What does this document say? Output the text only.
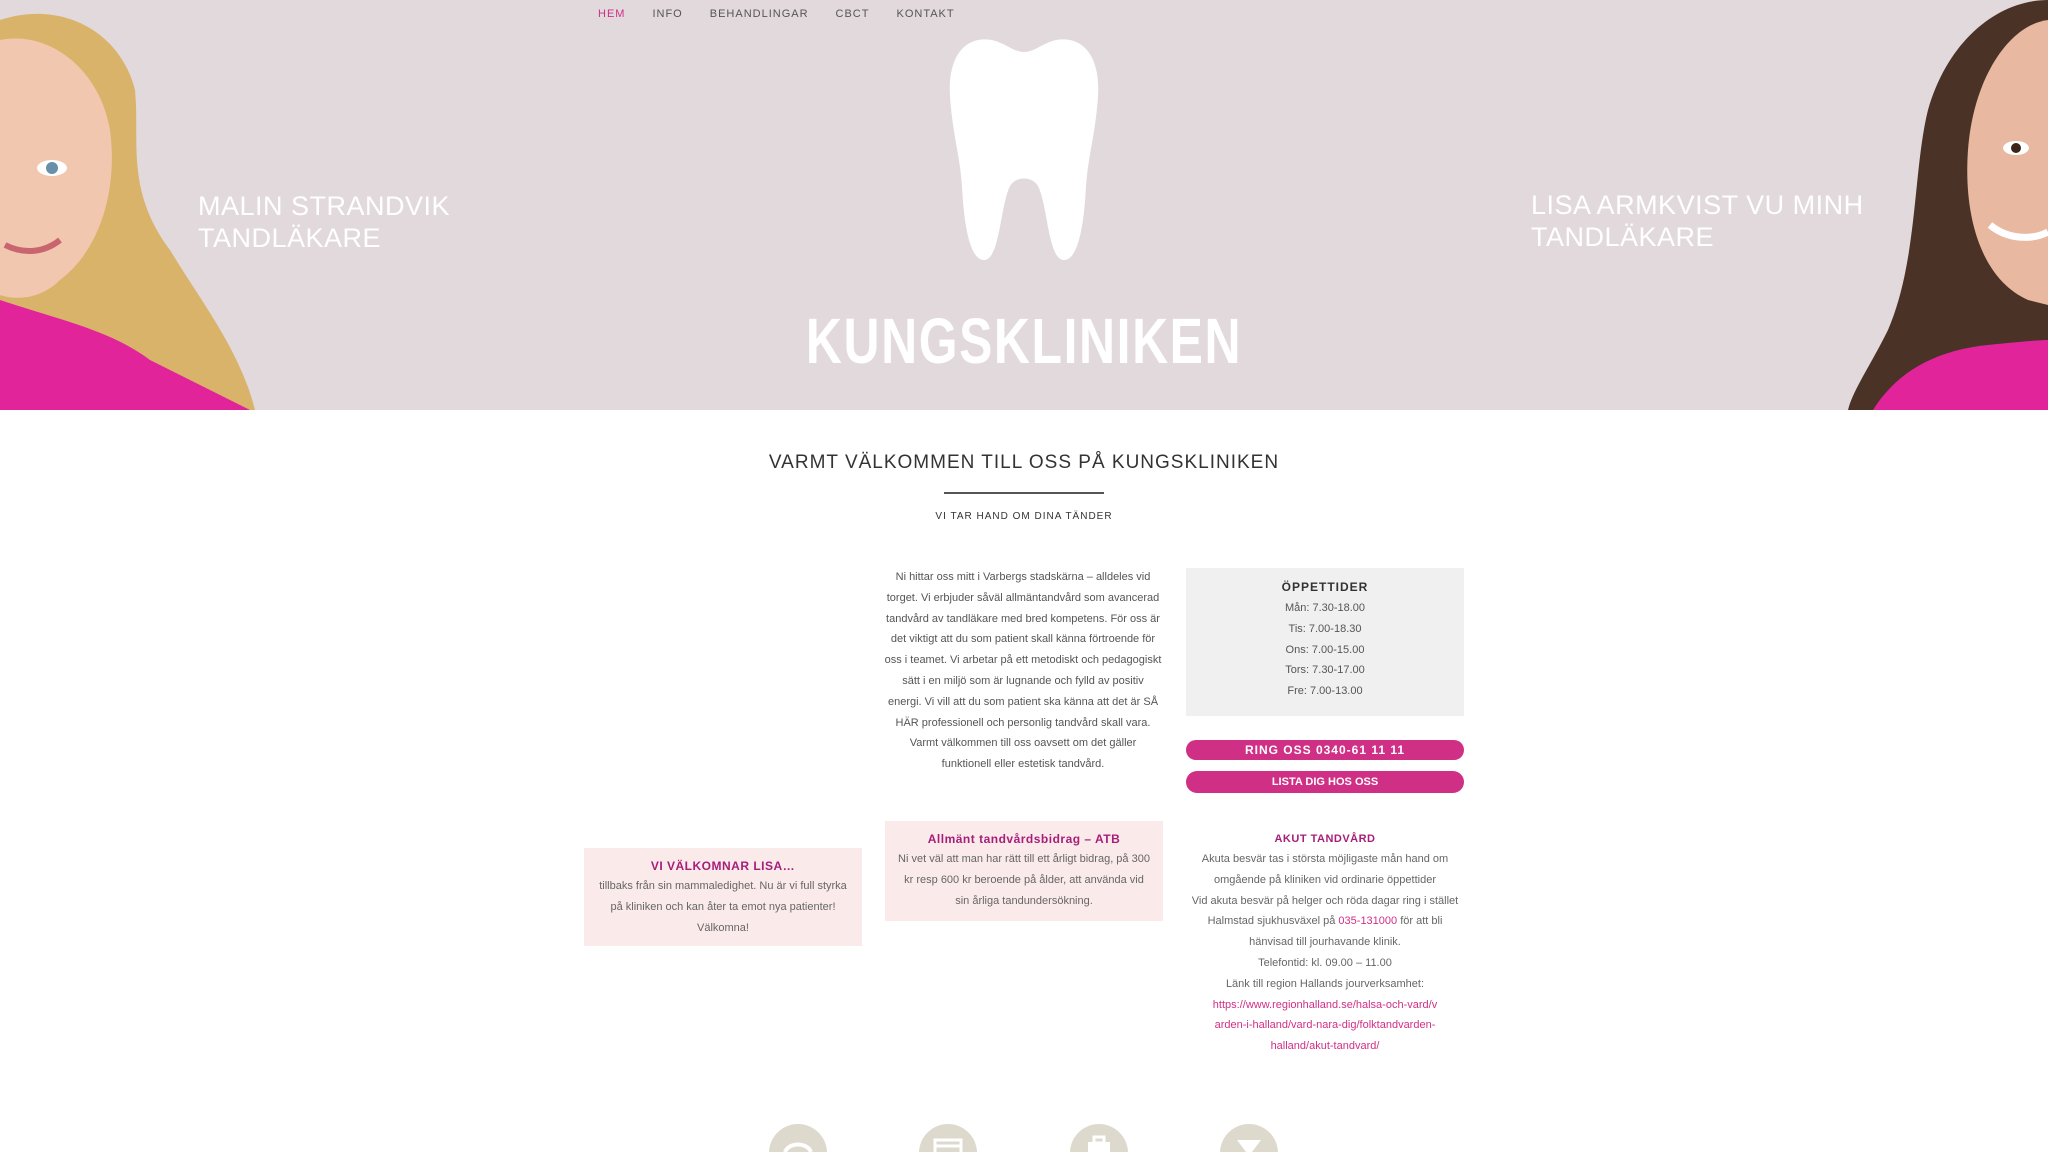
HEM INFO BEHANDLINGAR CBCT KONTAKT
MALIN STRANDVIK
TANDLÄKARE
LISA ARMKVIST VU MINH
TANDLÄKARE
KUNGSKLINIKEN
VARMT VÄLKOMMEN TILL OSS PÅ KUNGSKLINIKEN
VI TAR HAND OM DINA TÄNDER
Ni hittar oss mitt i Varbergs stadskärna – alldeles vid torget. Vi erbjuder såväl allmäntandvård som avancerad tandvård av tandläkare med bred kompetens. För oss är det viktigt att du som patient skall känna förtroende för oss i teamet. Vi arbetar på ett metodiskt och pedagogiskt sätt i en miljö som är lugnande och fylld av positiv energi. Vi vill att du som patient ska känna att det är SÅ HÄR professionell och personlig tandvård skall vara. Varmt välkommen till oss oavsett om det gäller funktionell eller estetisk tandvård.
ÖPPETTIDER
Mån: 7.30-18.00
Tis: 7.00-18.30
Ons: 7.00-15.00
Tors: 7.30-17.00
Fre: 7.00-13.00
RING OSS 0340-61 11 11
LISTA DIG HOS OSS
VI VÄLKOMNAR LISA…
tillbaks från sin mammaledighet. Nu är vi full styrka på kliniken och kan åter ta emot nya patienter! Välkomna!
Allmänt tandvårdsbidrag – ATB
Ni vet väl att man har rätt till ett årligt bidrag, på 300 kr resp 600 kr beroende på ålder, att använda vid sin årliga tandundersökning.
AKUT TANDVÅRD
Akuta besvär tas i största möjligaste mån hand om omgående på kliniken vid ordinarie öppettider
Vid akuta besvär på helger och röda dagar ring i stället Halmstad sjukhusväxel på 035-131000 för att bli hänvisad till jourhavande klinik.
Telefontid: kl. 09.00 – 11.00
Länk till region Hallands jourverksamhet:
https://www.regionhalland.se/halsa-och-vard/varden-i-halland/vard-nara-dig/folktandvarden-halland/akut-tandvard/
